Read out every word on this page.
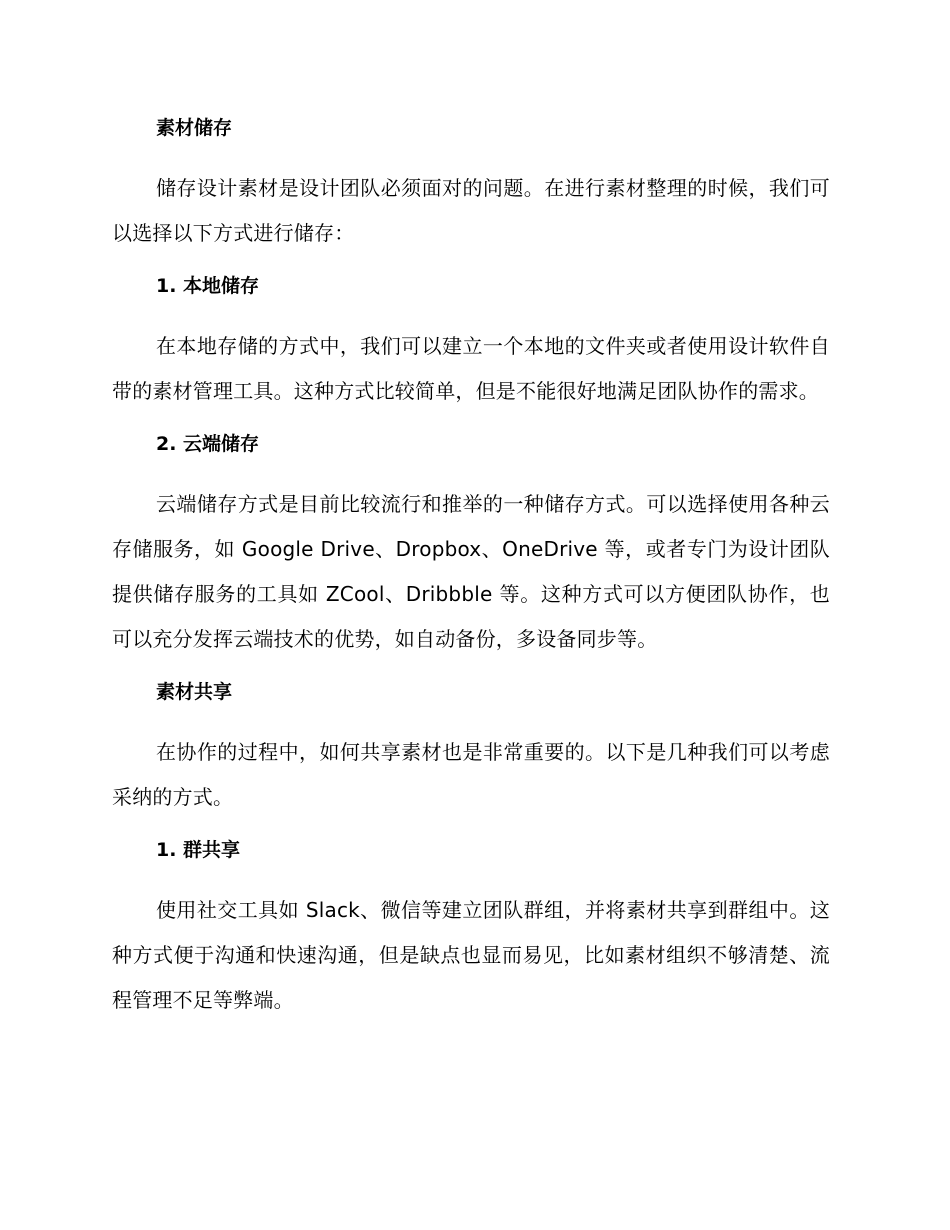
素材储存
储存设计素材是设计团队必须面对的问题。在进行素材整理的时候，我们可以选择以下方式进行储存：
1. 本地储存
在本地存储的方式中，我们可以建立一个本地的文件夹或者使用设计软件自带的素材管理工具。这种方式比较简单，但是不能很好地满足团队协作的需求。
2. 云端储存
云端储存方式是目前比较流行和推举的一种储存方式。可以选择使用各种云存储服务，如 Google Drive、Dropbox、OneDrive 等，或者专门为设计团队提供储存服务的工具如 ZCool、Dribbble 等。这种方式可以方便团队协作，也可以充分发挥云端技术的优势，如自动备份，多设备同步等。
素材共享
在协作的过程中，如何共享素材也是非常重要的。以下是几种我们可以考虑采纳的方式。
1. 群共享
使用社交工具如 Slack、微信等建立团队群组，并将素材共享到群组中。这种方式便于沟通和快速沟通，但是缺点也显而易见，比如素材组织不够清楚、流程管理不足等弊端。
